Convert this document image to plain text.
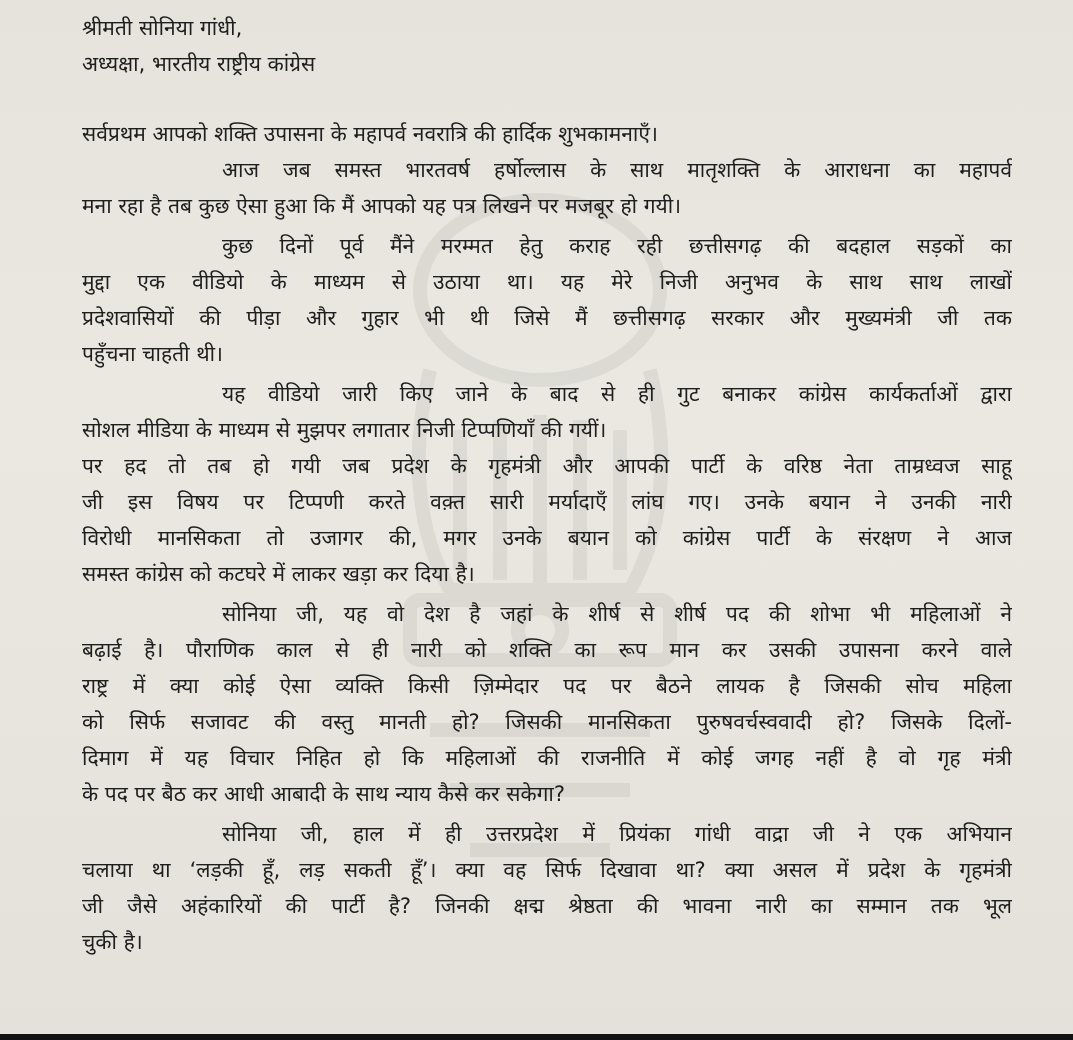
श्रीमती सोनिया गांधी,
अध्यक्षा, भारतीय राष्ट्रीय कांग्रेस
सर्वप्रथम आपको शक्ति उपासना के महापर्व नवरात्रि की हार्दिक शुभकामनाएँ।
आज जब समस्त भारतवर्ष हर्षोल्लास के साथ मातृशक्ति के आराधना का महापर्व
मना रहा है तब कुछ ऐसा हुआ कि मैं आपको यह पत्र लिखने पर मजबूर हो गयी।
कुछ दिनों पूर्व मैंने मरम्मत हेतु कराह रही छत्तीसगढ़ की बदहाल सड़कों का
मुद्दा एक वीडियो के माध्यम से उठाया था। यह मेरे निजी अनुभव के साथ साथ लाखों
प्रदेशवासियों की पीड़ा और गुहार भी थी जिसे मैं छत्तीसगढ़ सरकार और मुख्यमंत्री जी तक
पहुँचना चाहती थी।
यह वीडियो जारी किए जाने के बाद से ही गुट बनाकर कांग्रेस कार्यकर्ताओं द्वारा
सोशल मीडिया के माध्यम से मुझपर लगातार निजी टिप्पणियाँ की गयीं।
पर हद तो तब हो गयी जब प्रदेश के गृहमंत्री और आपकी पार्टी के वरिष्ठ नेता ताम्रध्वज साहू
जी इस विषय पर टिप्पणी करते वक़्त सारी मर्यादाएँ लांघ गए। उनके बयान ने उनकी नारी
विरोधी मानसिकता तो उजागर की, मगर उनके बयान को कांग्रेस पार्टी के संरक्षण ने आज
समस्त कांग्रेस को कटघरे में लाकर खड़ा कर दिया है।
सोनिया जी, यह वो देश है जहां के शीर्ष से शीर्ष पद की शोभा भी महिलाओं ने
बढ़ाई है। पौराणिक काल से ही नारी को शक्ति का रूप मान कर उसकी उपासना करने वाले
राष्ट्र में क्या कोई ऐसा व्यक्ति किसी ज़िम्मेदार पद पर बैठने लायक है जिसकी सोच महिला
को सिर्फ सजावट की वस्तु मानती हो? जिसकी मानसिकता पुरुषवर्चस्ववादी हो? जिसके दिलों-
दिमाग में यह विचार निहित हो कि महिलाओं की राजनीति में कोई जगह नहीं है वो गृह मंत्री
के पद पर बैठ कर आधी आबादी के साथ न्याय कैसे कर सकेगा?
सोनिया जी, हाल में ही उत्तरप्रदेश में प्रियंका गांधी वाद्रा जी ने एक अभियान
चलाया था ‘लड़की हूँ, लड़ सकती हूँ’। क्या वह सिर्फ दिखावा था? क्या असल में प्रदेश के गृहमंत्री
जी जैसे अहंकारियों की पार्टी है? जिनकी क्षद्म श्रेष्ठता की भावना नारी का सम्मान तक भूल
चुकी है।
